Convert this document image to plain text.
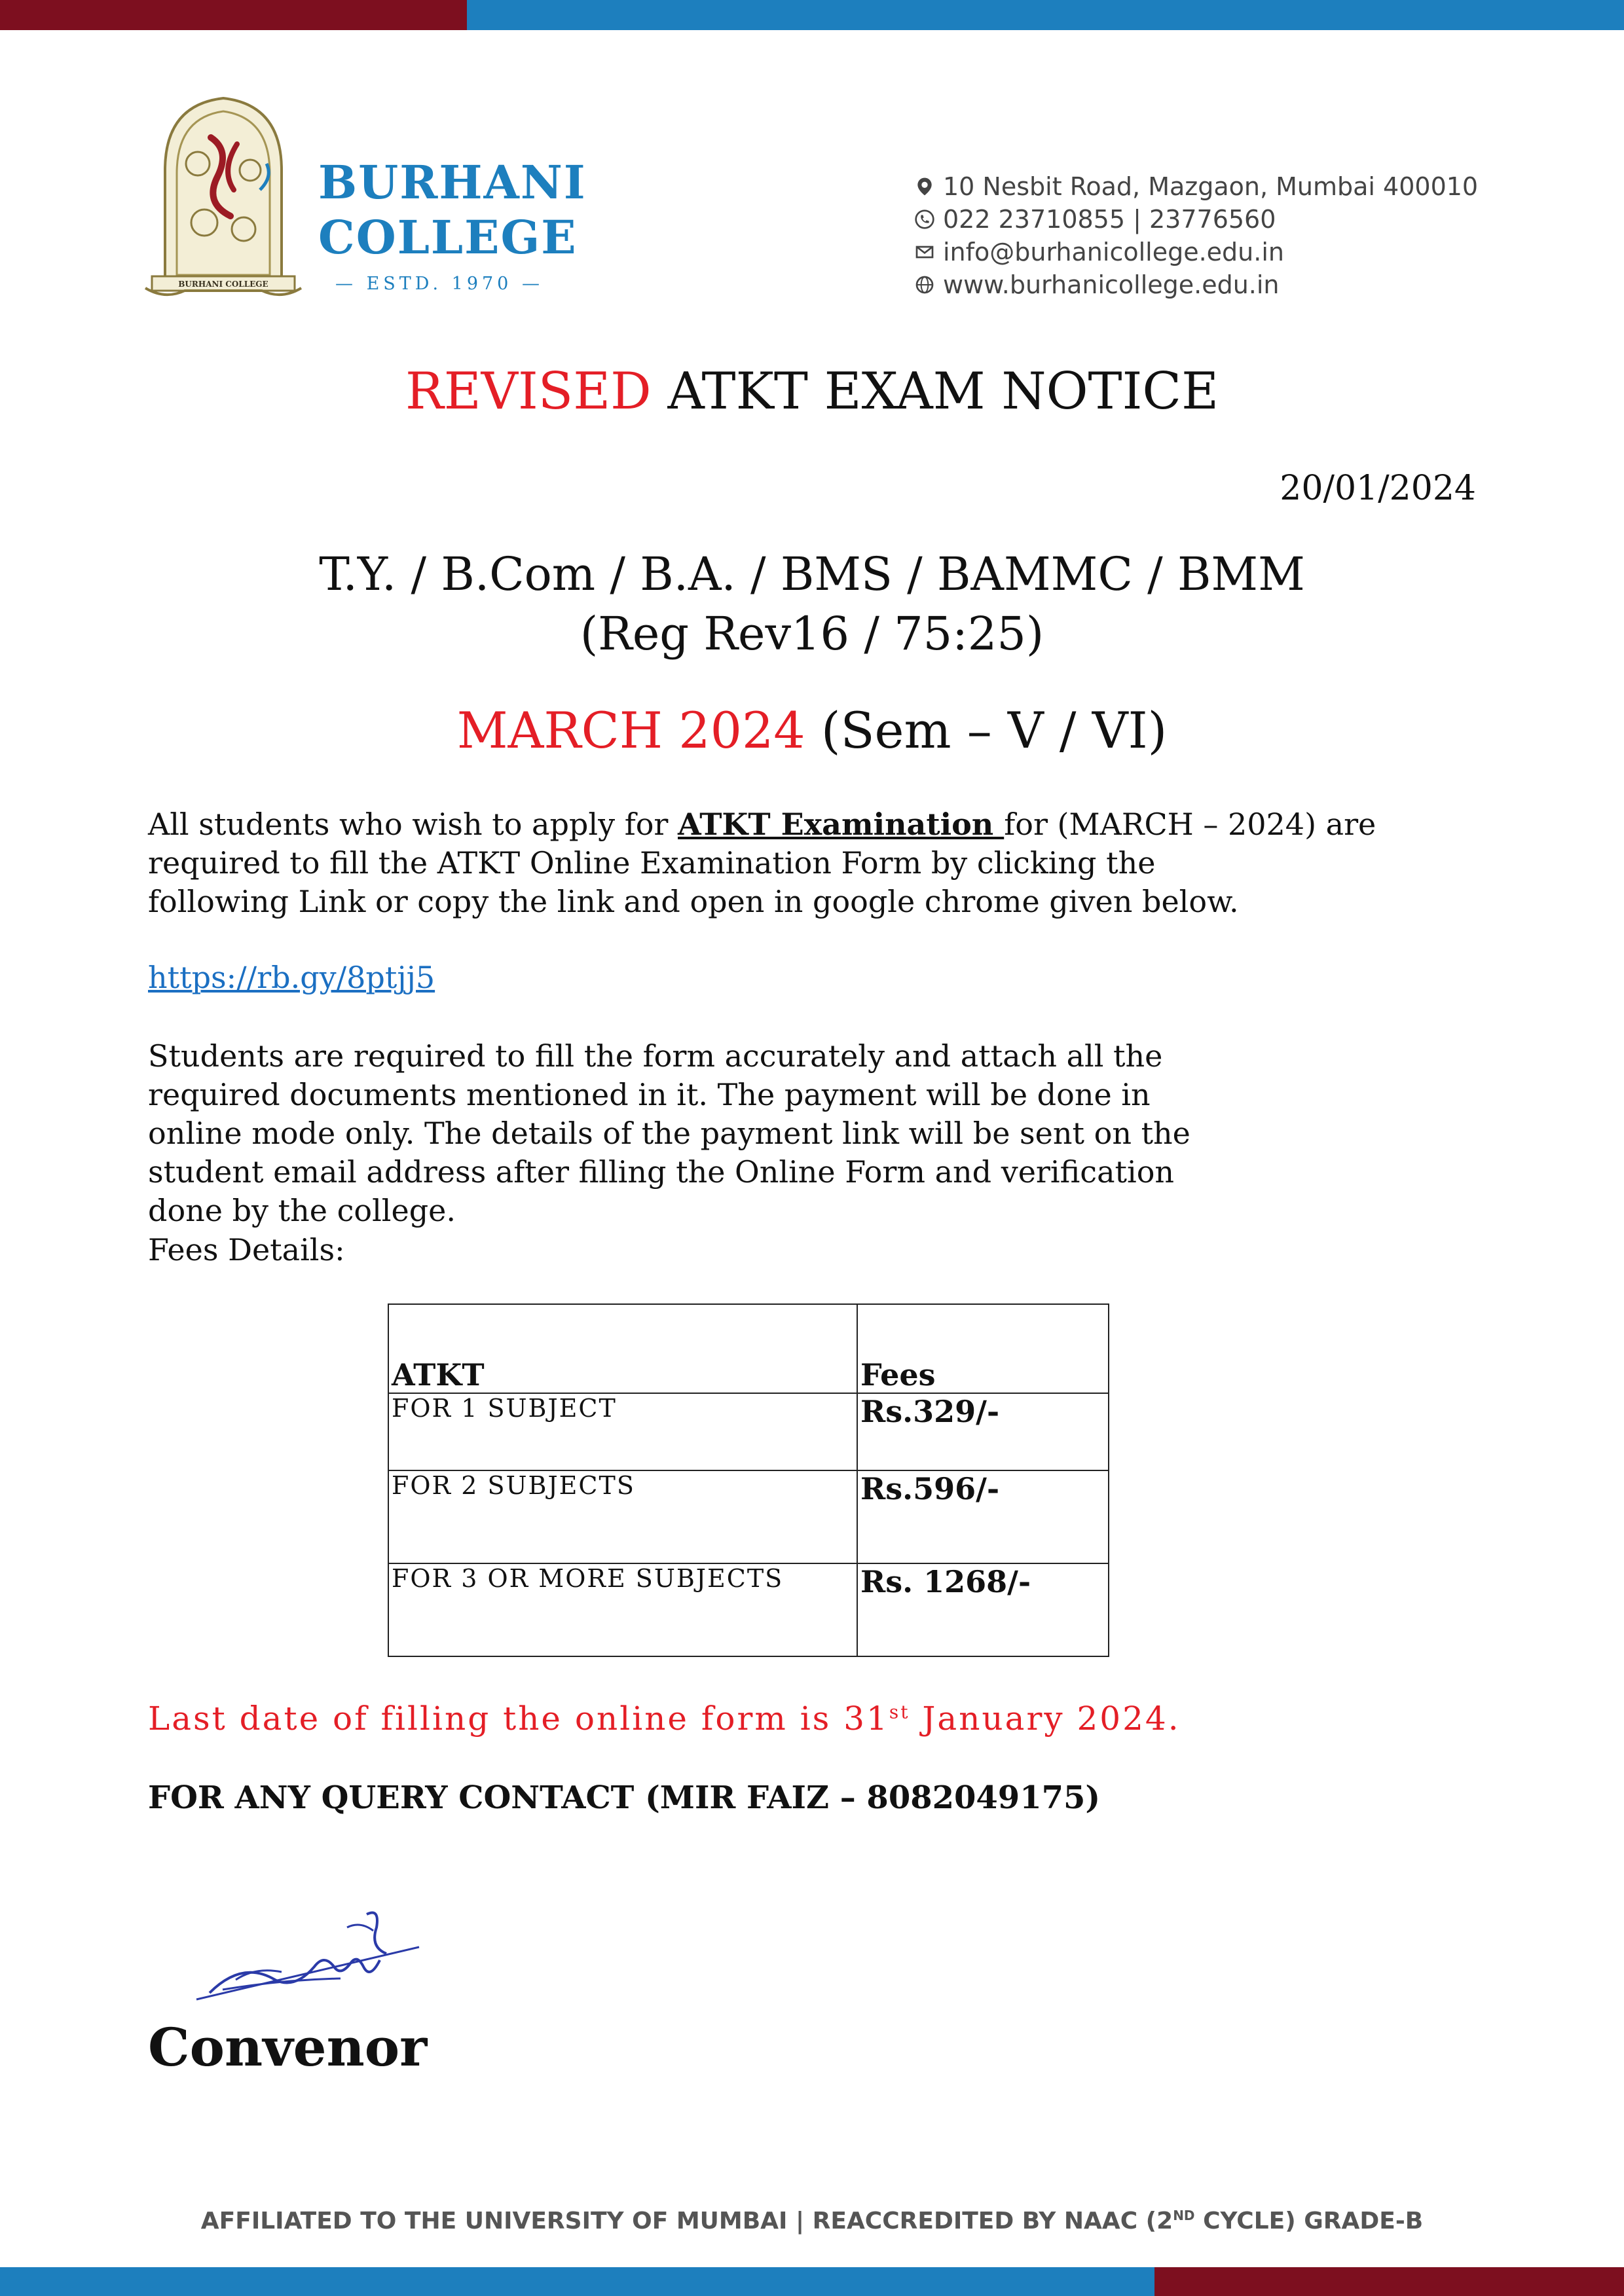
BURHANI COLLEGE
BURHANI
COLLEGE
— ESTD. 1970 —
10 Nesbit Road, Mazgaon, Mumbai 400010
022 23710855 | 23776560
info@burhanicollege.edu.in
www.burhanicollege.edu.in
REVISED ATKT EXAM NOTICE
20/01/2024
T.Y. / B.Com / B.A. / BMS / BAMMC / BMM
(Reg Rev16 / 75:25)
MARCH 2024 (Sem – V / VI)
All students who wish to apply for ATKT Examination for (MARCH – 2024) are
required to fill the ATKT Online Examination Form by clicking the
following Link or copy the link and open in google chrome given below.
https://rb.gy/8ptjj5
Students are required to fill the form accurately and attach all the
required documents mentioned in it. The payment will be done in
online mode only. The details of the payment link will be sent on the
student email address after filling the Online Form and verification
done by the college.
Fees Details:
ATKT	Fees
FOR 1 SUBJECT	Rs.329/-
FOR 2 SUBJECTS	Rs.596/-
FOR 3 OR MORE SUBJECTS	Rs. 1268/-
Last date of filling the online form is 31st January 2024.
FOR ANY QUERY CONTACT (MIR FAIZ – 8082049175)
Convenor
AFFILIATED TO THE UNIVERSITY OF MUMBAI | REACCREDITED BY NAAC (2ND CYCLE) GRADE-B
